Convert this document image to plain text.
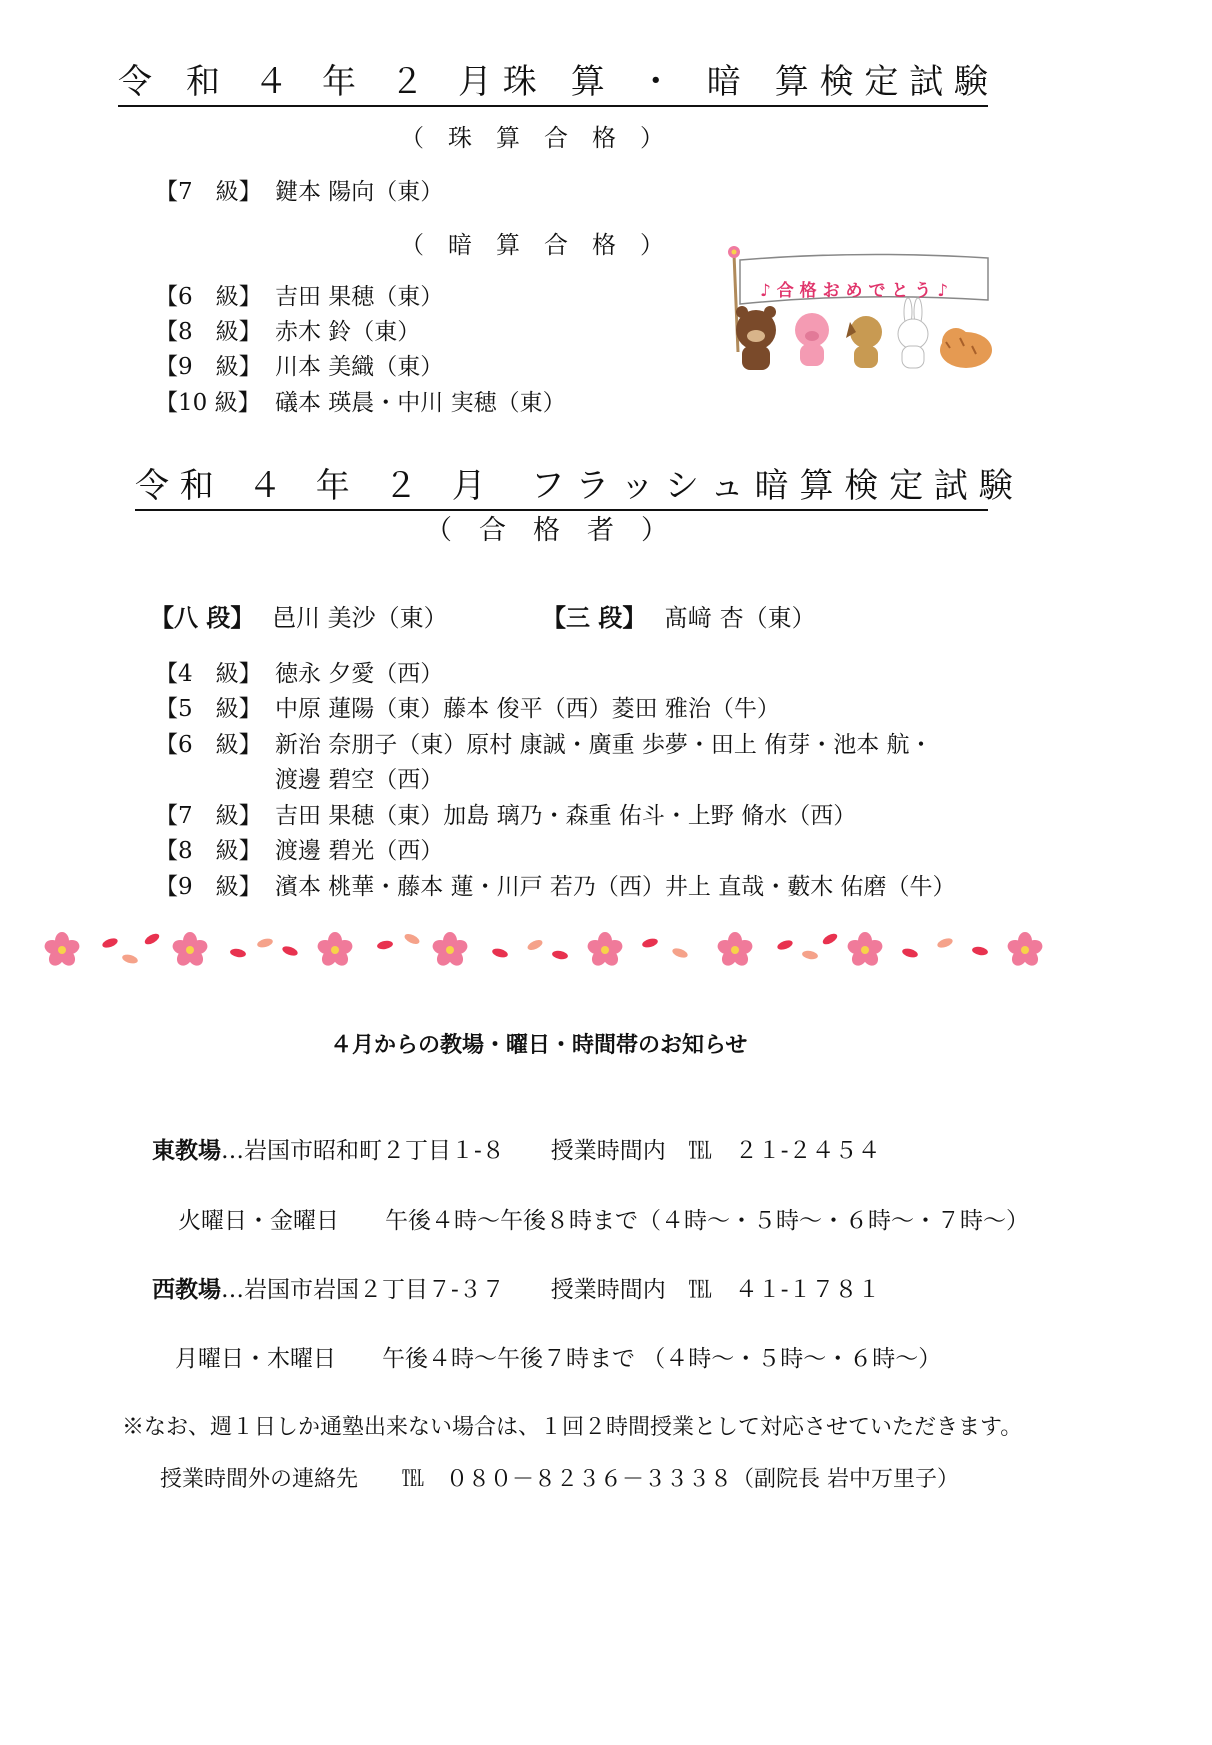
令　和　４　年　２　月 珠　算　・　暗　算 検 定 試 験
（　珠　算　合　格　）
【7　級】 鍵本 陽向（東）
（　暗　算　合　格　）
【6　級】 吉田 果穂（東）
【8　級】 赤木 鈴（東）
【9　級】 川本 美織（東）
【10 級】 礒本 瑛晨・中川 実穂（東）
♪ 合 格 お め で と う ♪
令 和　４　年　２　月　 フ ラ ッ シ ュ 暗 算 検 定 試 験
（　合　格　者　）
【八 段】 邑川 美沙（東）	【三 段】 髙﨑 杏（東）
【4　級】 徳永 夕愛（西）
【5　級】 中原 蓮陽（東）藤本 俊平（西）菱田 雅治（牛）
【6　級】 新治 奈朋子（東）原村 康誠・廣重 歩夢・田上 侑芽・池本 航・
渡邊 碧空（西）
【7　級】 吉田 果穂（東）加島 璃乃・森重 佑斗・上野 脩水（西）
【8　級】 渡邊 碧光（西）
【9　級】 濱本 桃華・藤本 蓮・川戸 若乃（西）井上 直哉・藪木 佑磨（牛）
４月からの教場・曜日・時間帯のお知らせ
東教場…岩国市昭和町２丁目１‐８　　授業時間内　℡　２１‐２４５４
火曜日・金曜日　　午後４時～午後８時まで（４時～・５時～・６時～・７時～）
西教場…岩国市岩国２丁目７‐３７　　授業時間内　℡　４１‐１７８１
月曜日・木曜日　　午後４時～午後７時まで （４時～・５時～・６時～）
※なお、週１日しか通塾出来ない場合は、１回２時間授業として対応させていただきます。
授業時間外の連絡先　　℡　０８０－８２３６－３３３８（副院長 岩中万里子）
